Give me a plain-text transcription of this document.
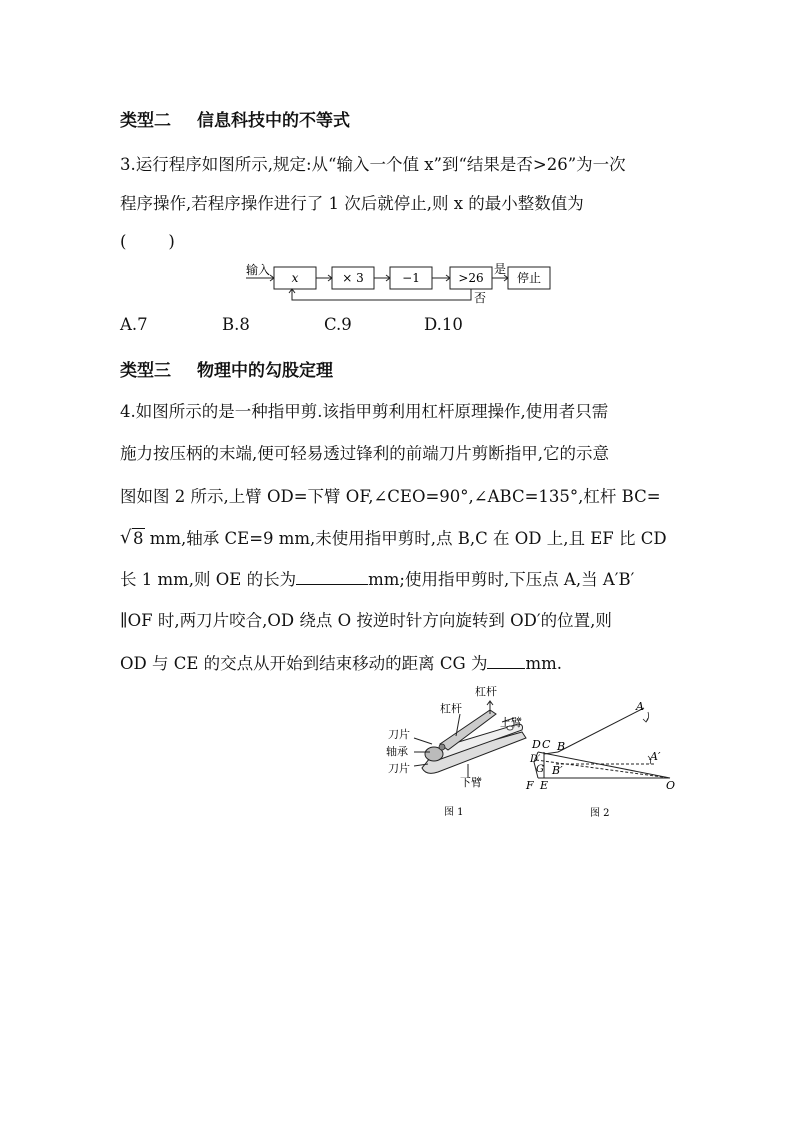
类型二 信息科技中的不等式
3.运行程序如图所示,规定:从“输入一个值 x”到“结果是否>26”为一次
程序操作,若程序操作进行了 1 次后就停止,则 x 的最小整数值为
(        )
输入
x	× 3	−1	>26
是
停止
否
A.7	B.8	C.9	D.10
类型三 物理中的勾股定理
4.如图所示的是一种指甲剪.该指甲剪利用杠杆原理操作,使用者只需
施力按压柄的末端,便可轻易透过锋利的前端刀片剪断指甲,它的示意
图如图 2 所示,上臂 OD=下臂 OF,∠CEO=90°,∠ABC=135°,杠杆 BC=
√ 8 mm,轴承 CE=9 mm,未使用指甲剪时,点 B,C 在 OD 上,且 EF 比 CD
长 1 mm,则 OE 的长为	mm;使用指甲剪时,下压点 A,当 A′B′
∥OF 时,两刀片咬合,OD 绕点 O 按逆时针方向旋转到 OD′的位置,则
OD 与 CE 的交点从开始到结束移动的距离 CG 为 mm.
杠杆
杠杆
上臂
刀片
轴承
刀片
下臂
图 1
A
D C B
A′
D′
G B′
F E	O
图 2
